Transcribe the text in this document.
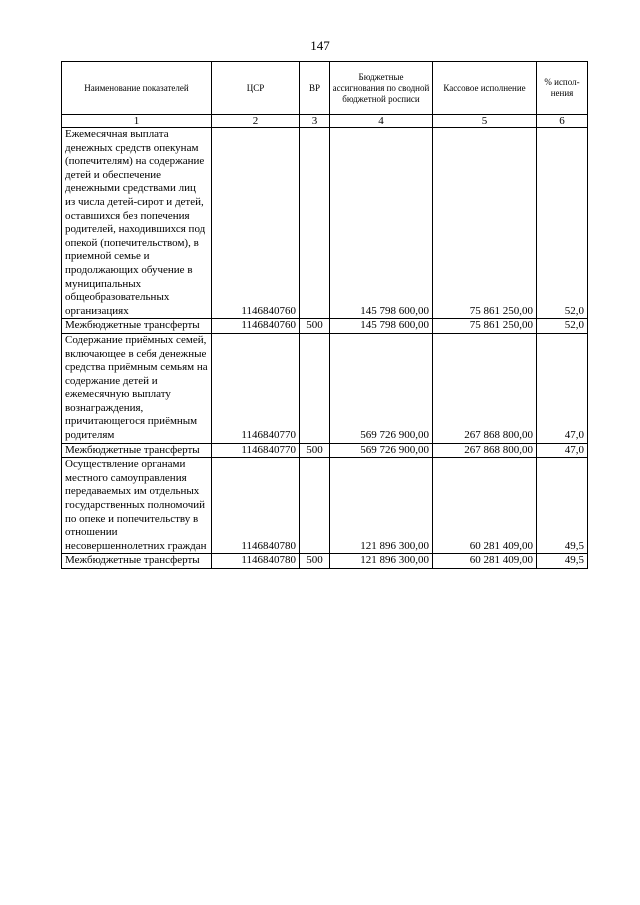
147
Наименование показателей	ЦСР	ВР	Бюджетные ассигнования по сводной бюджетной росписи	Кассовое исполнение	% испол-нения
1	2	3	4	5	6
Ежемесячная выплата денежных средств опекунам (попечителям) на содержание детей и обеспечение денежными средствами лиц из числа детей-сирот и детей, оставшихся без попечения родителей, находившихся под опекой (попечительством), в приемной семье и продолжающих обучение в муниципальных общеобразовательных организациях	1146840760		145 798 600,00	75 861 250,00	52,0
Межбюджетные трансферты	1146840760	500	145 798 600,00	75 861 250,00	52,0
Содержание приёмных семей, включающее в себя денежные средства приёмным семьям на содержание детей и ежемесячную выплату вознаграждения, причитающегося приёмным родителям	1146840770		569 726 900,00	267 868 800,00	47,0
Межбюджетные трансферты	1146840770	500	569 726 900,00	267 868 800,00	47,0
Осуществление органами местного самоуправления передаваемых им отдельных государственных полномочий по опеке и попечительству в отношении несовершеннолетних граждан	1146840780		121 896 300,00	60 281 409,00	49,5
Межбюджетные трансферты	1146840780	500	121 896 300,00	60 281 409,00	49,5
